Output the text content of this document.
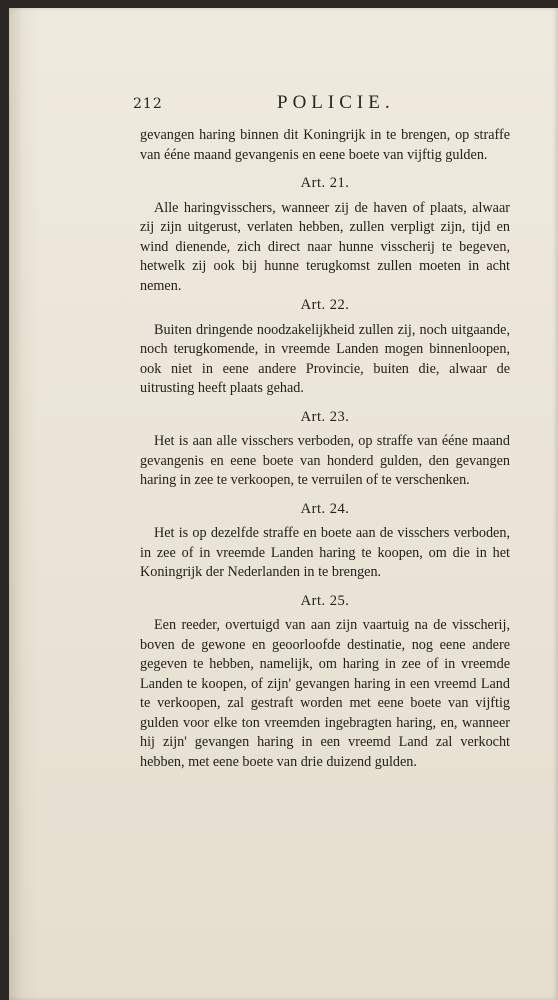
212	POLICIE.

gevangen haring binnen dit Koningrijk in te brengen, op straffe van ééne maand gevangenis en eene boete van vijftig gulden.

Art. 21.

Alle haringvisschers, wanneer zij de haven of plaats, alwaar zij zijn uitgerust, verlaten hebben, zullen verpligt zijn, tijd en wind dienende, zich direct naar hunne visscherij te begeven, hetwelk zij ook bij hunne terugkomst zullen moeten in acht nemen.

Art. 22.

Buiten dringende noodzakelijkheid zullen zij, noch uitgaande, noch terugkomende, in vreemde Landen mogen binnenloopen, ook niet in eene andere Provincie, buiten die, alwaar de uitrusting heeft plaats gehad.

Art. 23.

Het is aan alle visschers verboden, op straffe van ééne maand gevangenis en eene boete van honderd gulden, den gevangen haring in zee te verkoopen, te verruilen of te verschenken.

Art. 24.

Het is op dezelfde straffe en boete aan de visschers verboden, in zee of in vreemde Landen haring te koopen, om die in het Koningrijk der Nederlanden in te brengen.

Art. 25.

Een reeder, overtuigd van aan zijn vaartuig na de visscherij, boven de gewone en geoorloofde destinatie, nog eene andere gegeven te hebben, namelijk, om haring in zee of in vreemde Landen te koopen, of zijn' gevangen haring in een vreemd Land te verkoopen, zal gestraft worden met eene boete van vijftig gulden voor elke ton vreemden ingebragten haring, en, wanneer hij zijn' gevangen haring in een vreemd Land zal verkocht hebben, met eene boete van drie duizend gulden.
